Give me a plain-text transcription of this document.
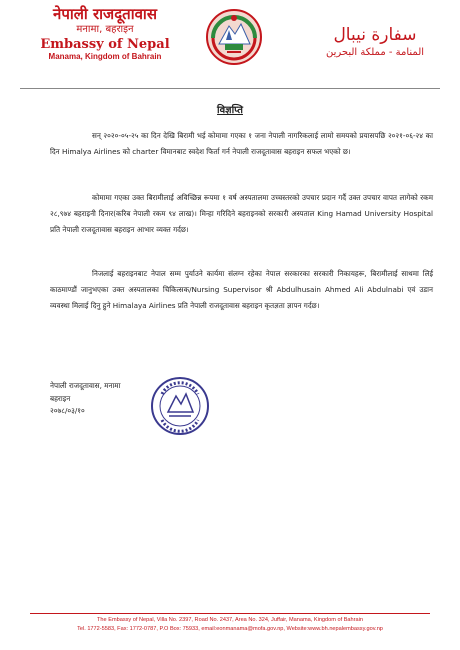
नेपाली राजदूतावास
मनामा, बहराइन
Embassy of Nepal
Manama, Kingdom of Bahrain
سفارة نيبال
المنامة - مملكة البحرين
विज्ञप्ति
सन् २०२०-०५-२५ का दिन देखि बिरामी भई कोमामा गएका १ जना नेपाली नागरिकलाई लामो समयको प्रयासपछि २०२१-०६-२४ का दिन Himalya Airlines को charter विमानबाट स्वदेश फिर्ता गर्न नेपाली राजदूतावास बहराइन सफल भएको छ।
कोमामा गएका उक्त बिरामीलाई अविच्छिन्न रूपमा १ वर्ष अस्पतालमा उच्चस्तरको उपचार प्रदान गर्दै उक्त उपचार वापत लागेको रकम २८,९७४ बहराइनी दिनार(करिब नेपाली रकम ९४ लाख)। मिन्हा गरिदिने बहराइनको सरकारी अस्पताल King Hamad University Hospital प्रति नेपाली राजदूतावास बहराइन आभार व्यक्त गर्दछ।
निजलाई बहराइनबाट नेपाल सम्म पुर्याउने कार्यमा संलग्न रहेका नेपाल सरकारका सरकारी निकायहरू, बिरामीलाई साथमा लिई काठमाण्डौं जानुभएका उक्त अस्पतालका चिकित्सक/Nursing Supervisor श्री Abdulhusain Ahmed Ali Abdulnabi एवं उडान व्यवस्था मिलाई दिनु हुने Himalaya Airlines प्रति नेपाली राजदूतावास बहराइन कृतज्ञता ज्ञापन गर्दछ।
नेपाली राजदूतावास, मनामा
बहराइन
२०७८/०३/१०
The Embassy of Nepal, Villa No. 2397, Road No. 2437, Area No. 324, Juffair, Manama, Kingdom of Bahrain
Tel. 1772-5583, Fax: 1772-0787, P.O Box: 75933, email:eonmanama@mofa.gov.np, Website:www.bh.nepalembassy.gov.np
